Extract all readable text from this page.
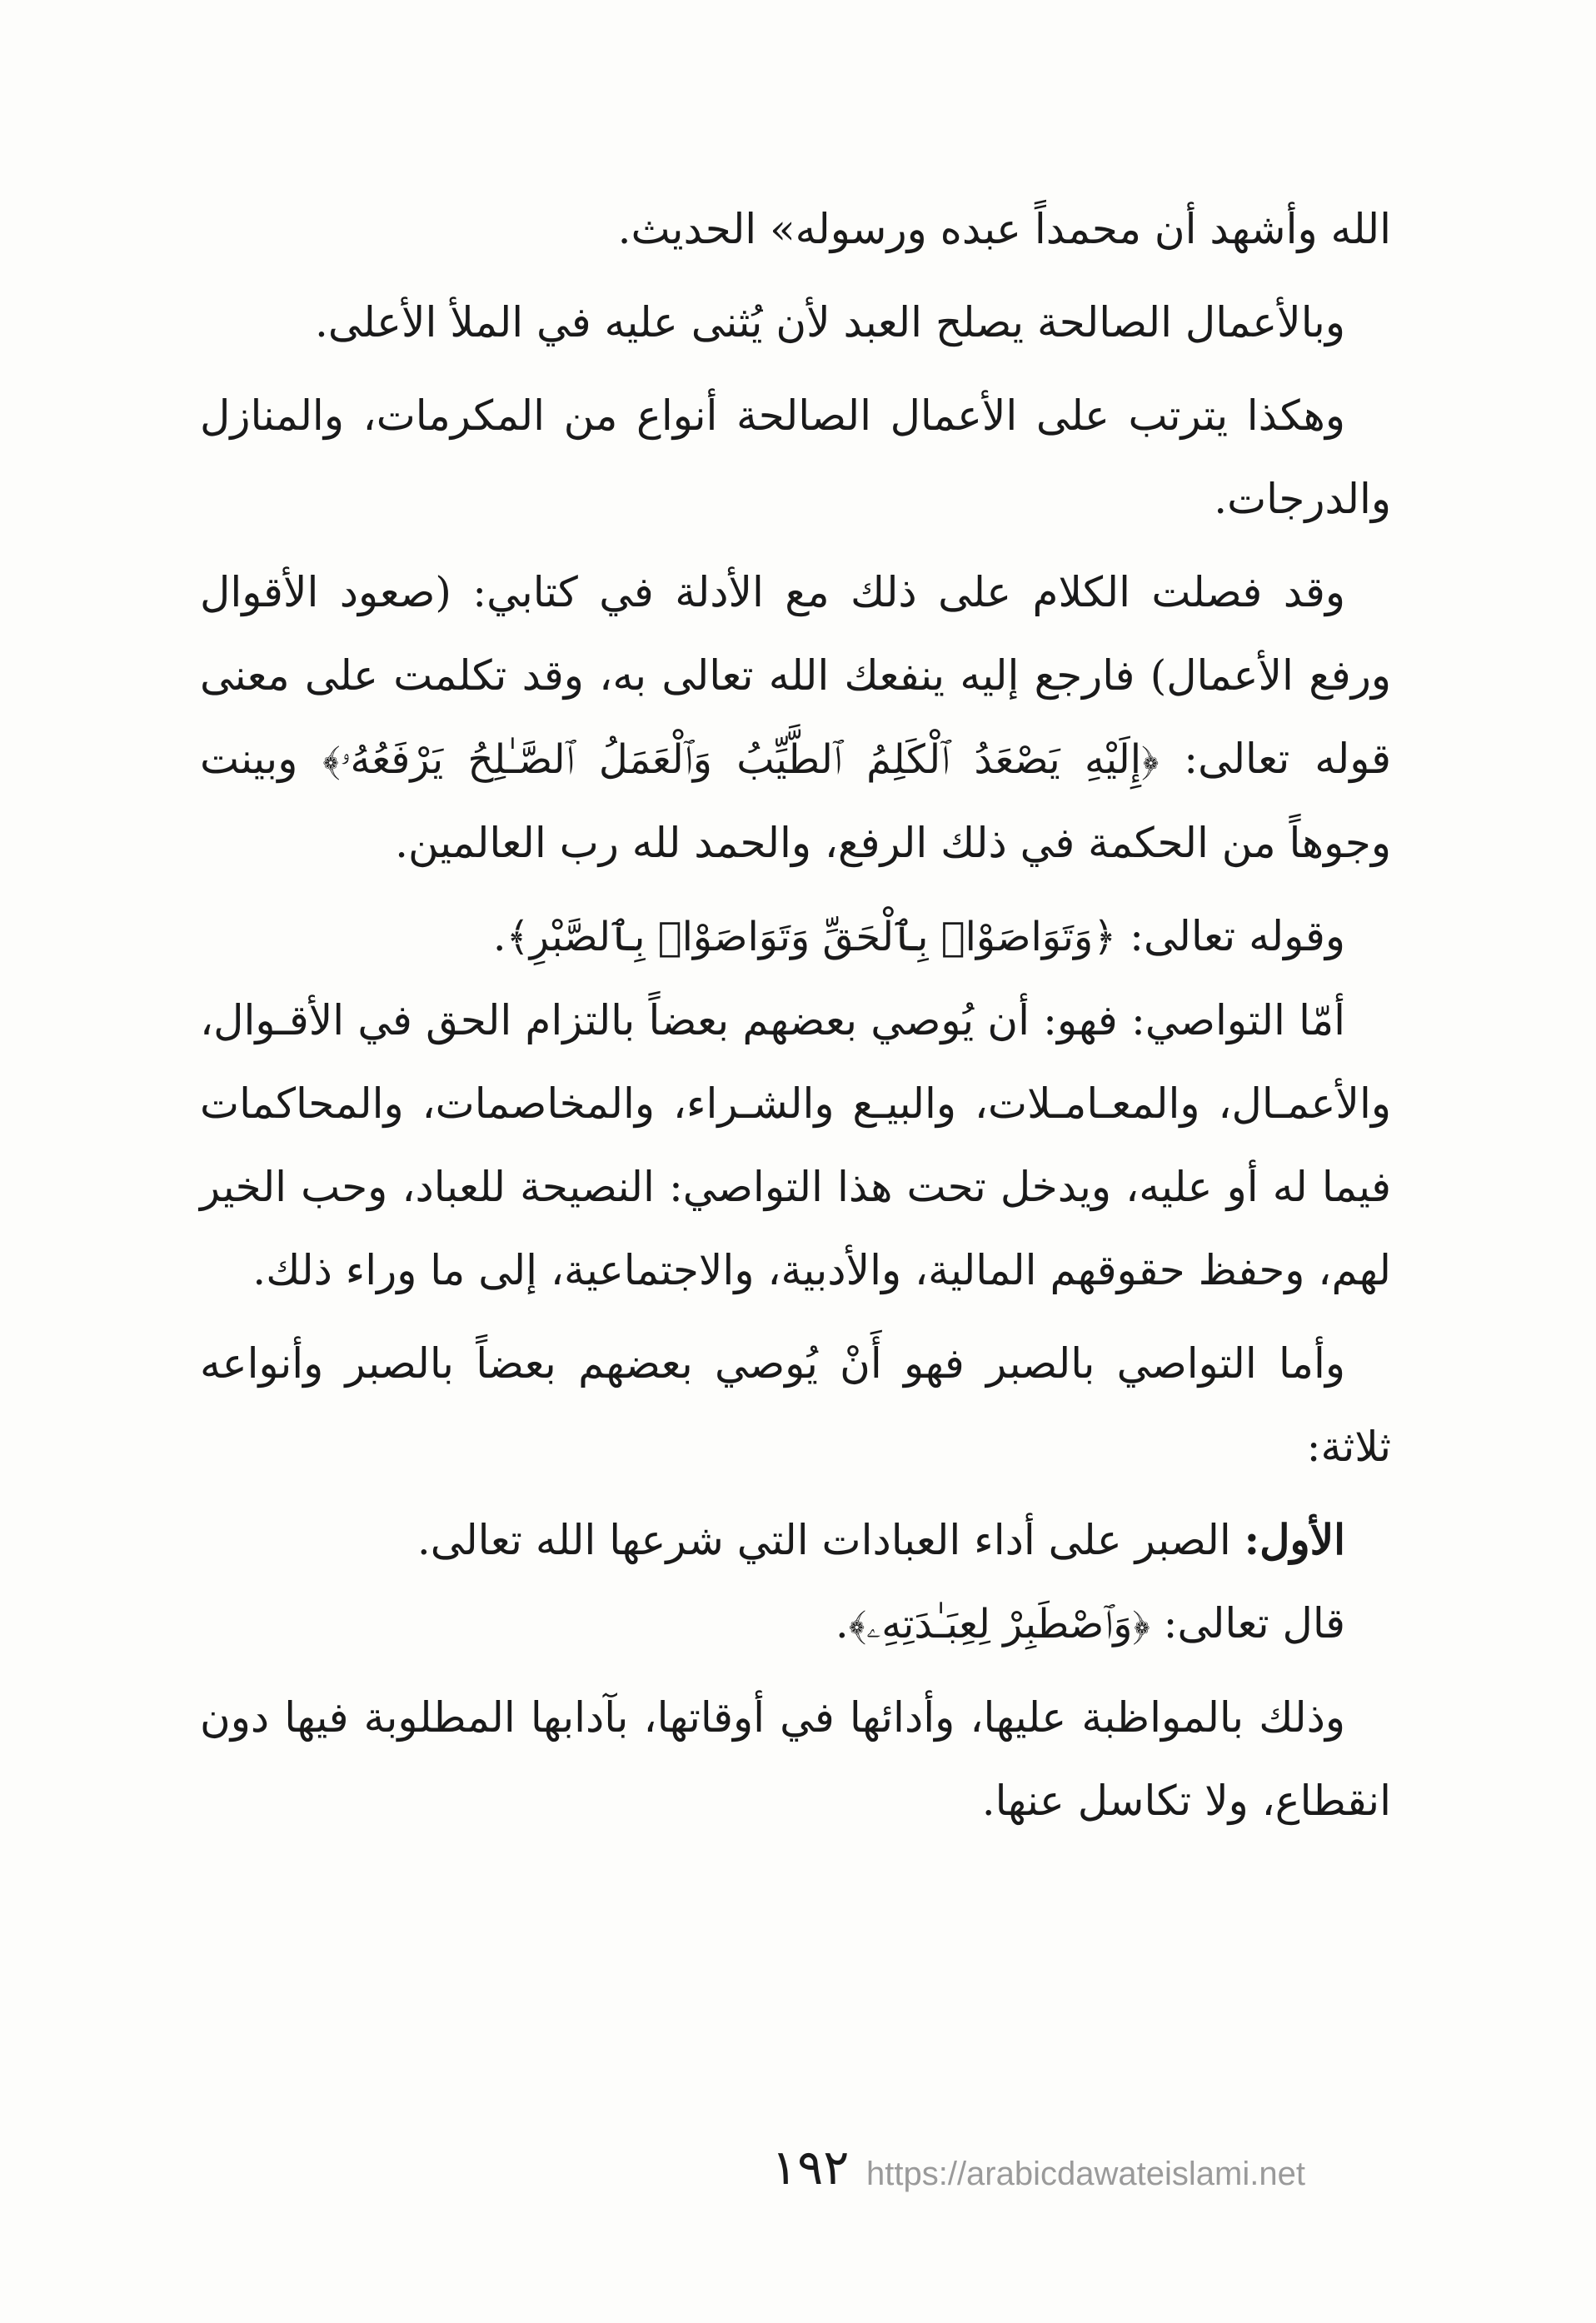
الله وأشهد أن محمداً عبده ورسوله» الحديث.

وبالأعمال الصالحة يصلح العبد لأن يُثنى عليه في الملأ الأعلى.

وهكذا يترتب على الأعمال الصالحة أنواع من المكرمات، والمنازل والدرجات.

وقد فصلت الكلام على ذلك مع الأدلة في كتابي: (صعود الأقوال ورفع الأعمال) فارجع إليه ينفعك الله تعالى به، وقد تكلمت على معنى قوله تعالى: ﴿إِلَيْهِ يَصْعَدُ ٱلْكَلِمُ ٱلطَّيِّبُ وَٱلْعَمَلُ ٱلصَّـٰلِحُ يَرْفَعُهُۥ﴾ وبينت وجوهاً من الحكمة في ذلك الرفع، والحمد لله رب العالمين.

وقوله تعالى: ﴿وَتَوَاصَوْا۟ بِٱلْحَقِّ وَتَوَاصَوْا۟ بِٱلصَّبْرِ﴾.

أمّا التواصي: فهو: أن يُوصي بعضهم بعضاً بالتزام الحق في الأقـوال، والأعمـال، والمعـامـلات، والبيـع والشـراء، والمخاصمات، والمحاكمات فيما له أو عليه، ويدخل تحت هذا التواصي: النصيحة للعباد، وحب الخير لهم، وحفظ حقوقهم المالية، والأدبية، والاجتماعية، إلى ما وراء ذلك.

وأما التواصي بالصبر فهو أَنْ يُوصي بعضهم بعضاً بالصبر وأنواعه ثلاثة:

الأول: الصبر على أداء العبادات التي شرعها الله تعالى.

قال تعالى: ﴿وَٱصْطَبِرْ لِعِبَـٰدَتِهِۦ﴾.

وذلك بالمواظبة عليها، وأدائها في أوقاتها، بآدابها المطلوبة فيها دون انقطاع، ولا تكاسل عنها.

١٩٢ https://arabicdawateislami.net
